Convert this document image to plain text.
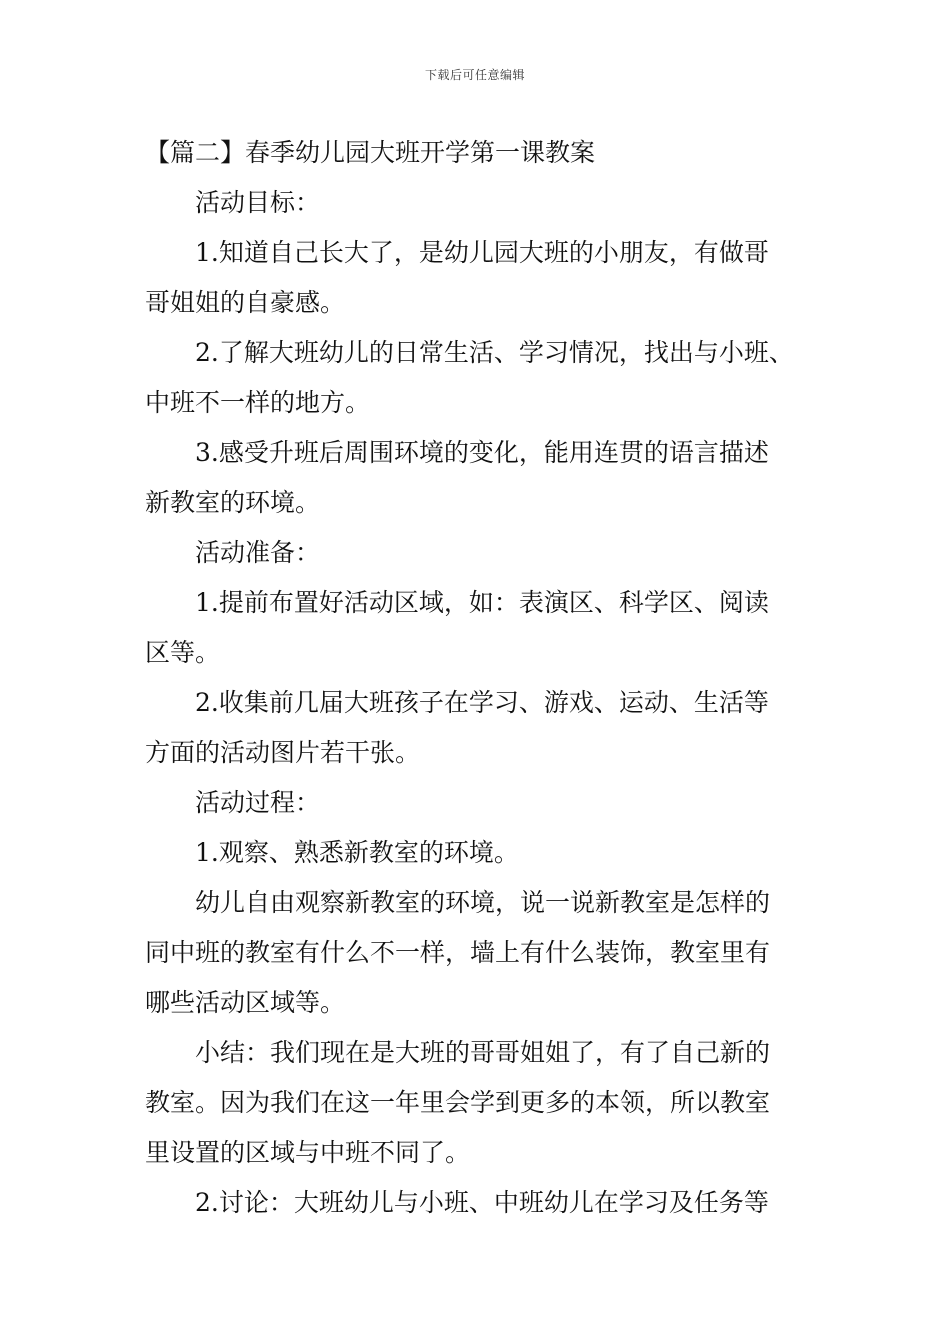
下载后可任意编辑
【篇二】春季幼儿园大班开学第一课教案
活动目标：
1.知道自己长大了，是幼儿园大班的小朋友，有做哥
哥姐姐的自豪感。
2.了解大班幼儿的日常生活、学习情况，找出与小班、
中班不一样的地方。
3.感受升班后周围环境的变化，能用连贯的语言描述
新教室的环境。
活动准备：
1.提前布置好活动区域，如：表演区、科学区、阅读
区等。
2.收集前几届大班孩子在学习、游戏、运动、生活等
方面的活动图片若干张。
活动过程：
1.观察、熟悉新教室的环境。
幼儿自由观察新教室的环境，说一说新教室是怎样的
同中班的教室有什么不一样，墙上有什么装饰，教室里有
哪些活动区域等。
小结：我们现在是大班的哥哥姐姐了，有了自己新的
教室。因为我们在这一年里会学到更多的本领，所以教室
里设置的区域与中班不同了。
2.讨论：大班幼儿与小班、中班幼儿在学习及任务等
